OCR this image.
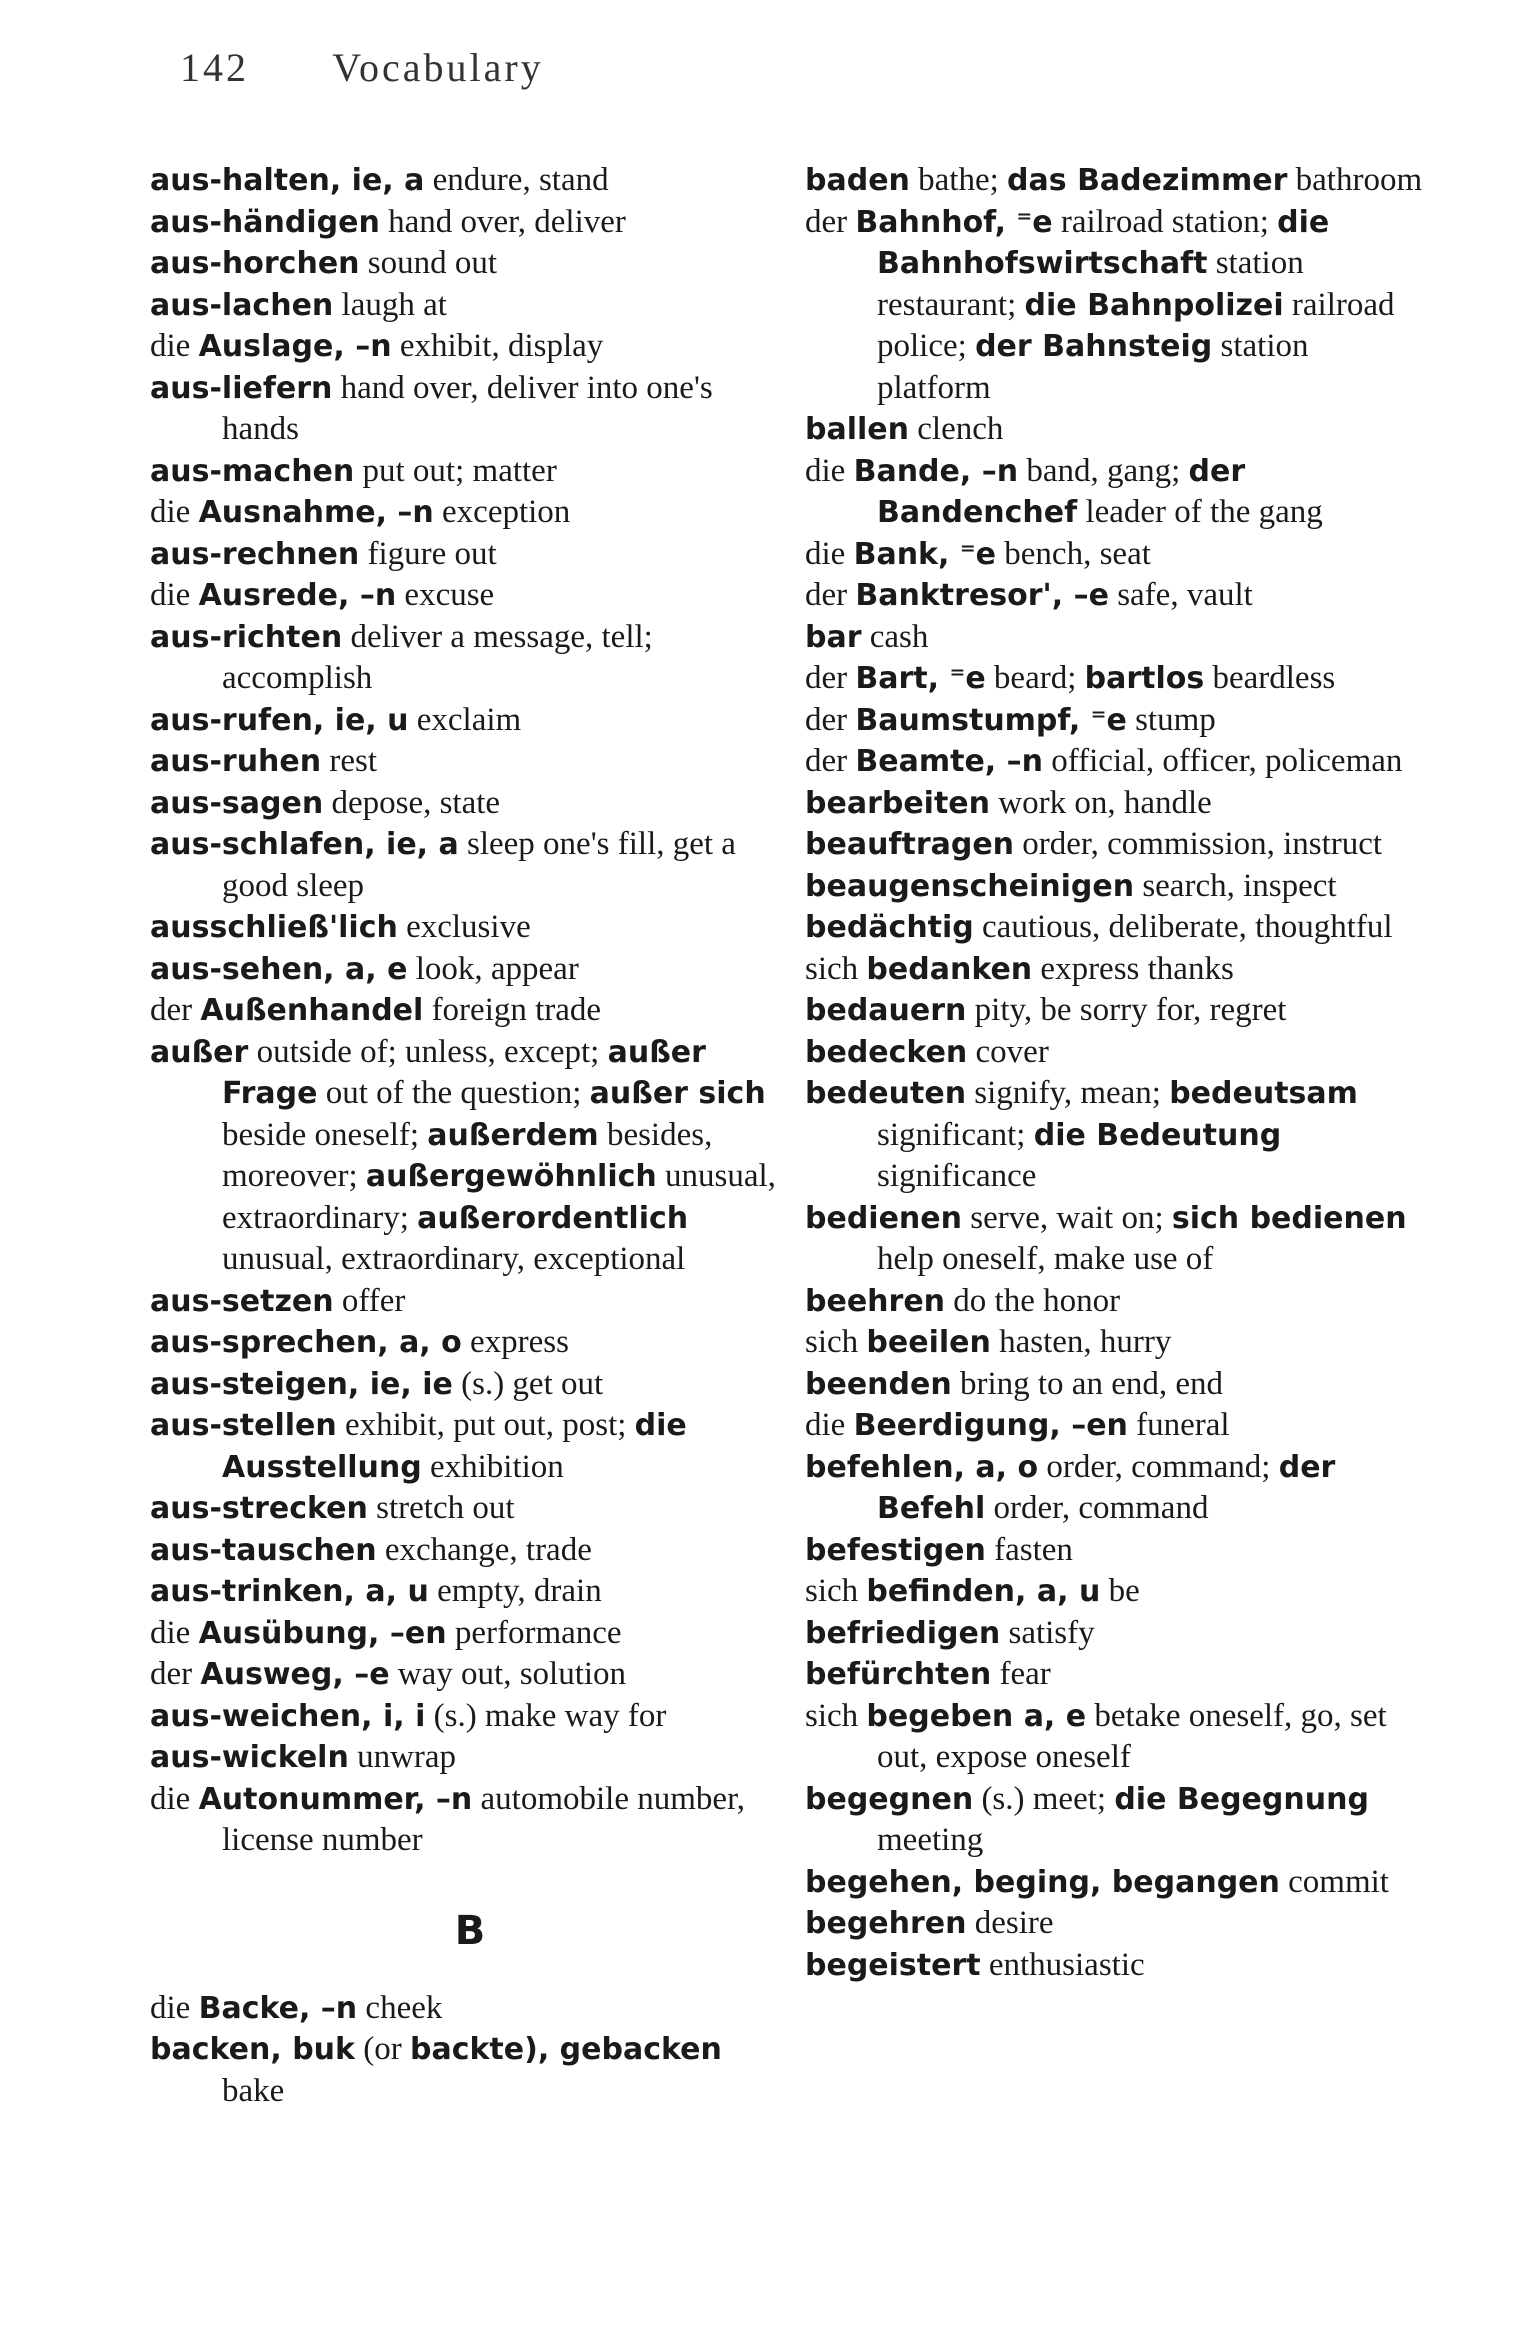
142 Vocabulary

aus-halten, ie, a endure, stand

aus-händigen hand over, deliver

aus-horchen sound out

aus-lachen laugh at

die Auslage, –n exhibit, display

aus-liefern hand over, deliver into one's hands

aus-machen put out; matter

die Ausnahme, –n exception

aus-rechnen figure out

die Ausrede, –n excuse

aus-richten deliver a message, tell; accomplish

aus-rufen, ie, u exclaim

aus-ruhen rest

aus-sagen depose, state

aus-schlafen, ie, a sleep one's fill, get a good sleep

ausschließ'lich exclusive

aus-sehen, a, e look, appear

der Außenhandel foreign trade

außer outside of; unless, except; außer Frage out of the question; außer sich beside oneself; außerdem besides, moreover; außergewöhnlich unusual, extraordinary; außerordentlich unusual, extraordinary, exceptional

aus-setzen offer

aus-sprechen, a, o express

aus-steigen, ie, ie (s.) get out

aus-stellen exhibit, put out, post; die Ausstellung exhibition

aus-strecken stretch out

aus-tauschen exchange, trade

aus-trinken, a, u empty, drain

die Ausübung, –en performance

der Ausweg, –e way out, solution

aus-weichen, i, i (s.) make way for

aus-wickeln unwrap

die Autonummer, –n automobile number, license number

B

die Backe, –n cheek

backen, buk (or backte), gebacken bake

baden bathe; das Badezimmer bathroom

der Bahnhof, ⁼e railroad station; die Bahnhofswirtschaft station restaurant; die Bahnpolizei railroad police; der Bahnsteig station platform

ballen clench

die Bande, –n band, gang; der Bandenchef leader of the gang

die Bank, ⁼e bench, seat

der Banktresor', –e safe, vault

bar cash

der Bart, ⁼e beard; bartlos beardless

der Baumstumpf, ⁼e stump

der Beamte, –n official, officer, policeman

bearbeiten work on, handle

beauftragen order, commission, instruct

beaugenscheinigen search, inspect

bedächtig cautious, deliberate, thoughtful

sich bedanken express thanks

bedauern pity, be sorry for, regret

bedecken cover

bedeuten signify, mean; bedeutsam significant; die Bedeutung significance

bedienen serve, wait on; sich bedienen help oneself, make use of

beehren do the honor

sich beeilen hasten, hurry

beenden bring to an end, end

die Beerdigung, –en funeral

befehlen, a, o order, command; der Befehl order, command

befestigen fasten

sich befinden, a, u be

befriedigen satisfy

befürchten fear

sich begeben a, e betake oneself, go, set out, expose oneself

begegnen (s.) meet; die Begegnung meeting

begehen, beging, begangen commit

begehren desire

begeistert enthusiastic
